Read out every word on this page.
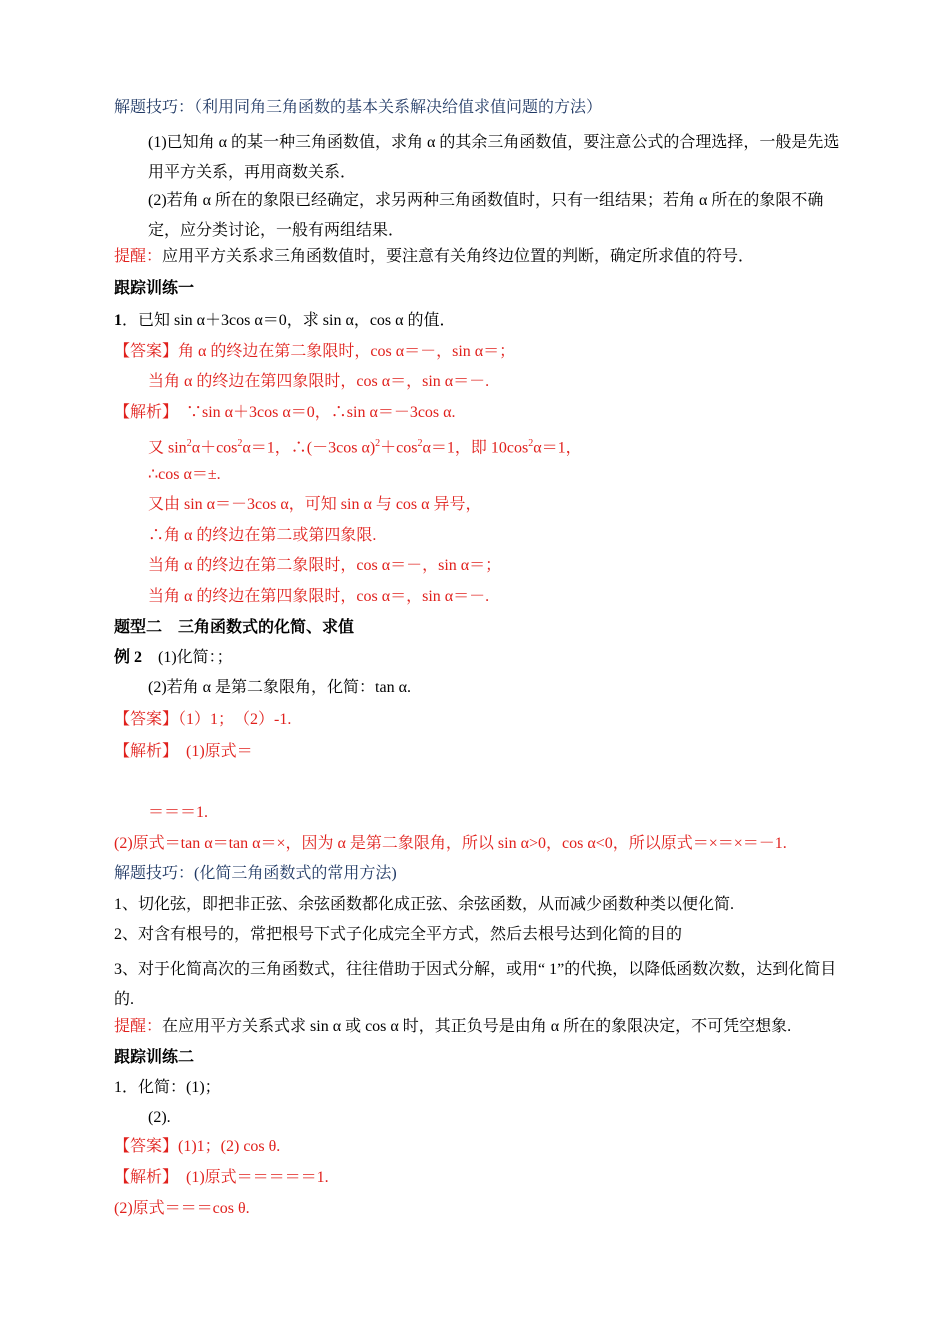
解题技巧：（利用同角三角函数的基本关系解决给值求值问题的方法）
(1)已知角 α 的某一种三角函数值，求角 α 的其余三角函数值，要注意公式的合理选择，一般是先选用平方关系，再用商数关系．
(2)若角 α 所在的象限已经确定，求另两种三角函数值时，只有一组结果；若角 α 所在的象限不确定，应分类讨论，一般有两组结果．
提醒：应用平方关系求三角函数值时，要注意有关角终边位置的判断，确定所求值的符号．
跟踪训练一
1．已知 sin α＋3cos α＝0，求 sin α，cos α 的值．
【答案】角 α 的终边在第二象限时，cos α＝－，sin α＝；
当角 α 的终边在第四象限时，cos α＝，sin α＝－.
【解析】　∵sin α＋3cos α＝0，∴sin α＝－3cos α.
又 $\sin^2\alpha+\cos^2\alpha=1$，∴(－3cos $\alpha)^2+\cos^2\alpha=1$，即 $10\cos^2\alpha=1$，
∴cos α＝±.
又由 sin α＝－3cos α，可知 sin α 与 cos α 异号，
∴角 α 的终边在第二或第四象限.
当角 α 的终边在第二象限时，cos α＝－，sin α＝；
当角 α 的终边在第四象限时，cos α＝，sin α＝－.
题型二　三角函数式的化简、求值
例 2　(1)化简：；
(2)若角 α 是第二象限角，化简：tan α.
【答案】（1）1；　（2）-1.
【解析】　(1)原式＝
＝＝＝1.
(2)原式＝tan α＝tan α＝×，因为 α 是第二象限角，所以 sin α>0，cos α<0，所以原式＝×＝×＝－1.
解题技巧：(化简三角函数式的常用方法)
1、切化弦，即把非正弦、余弦函数都化成正弦、余弦函数，从而减少函数种类以便化简.
2、对含有根号的，常把根号下式子化成完全平方式，然后去根号达到化简的目的
3、对于化简高次的三角函数式，往往借助于因式分解，或用“ 1”的代换，以降低函数次数，达到化简目的.
提醒：在应用平方关系式求 sin α 或 cos α 时，其正负号是由角 α 所在的象限决定，不可凭空想象.
跟踪训练二
1．化简：(1)；
(2).
【答案】(1)1；(2) cos θ.
【解析】　(1)原式＝＝＝＝＝1.
(2)原式＝＝＝cos θ.
